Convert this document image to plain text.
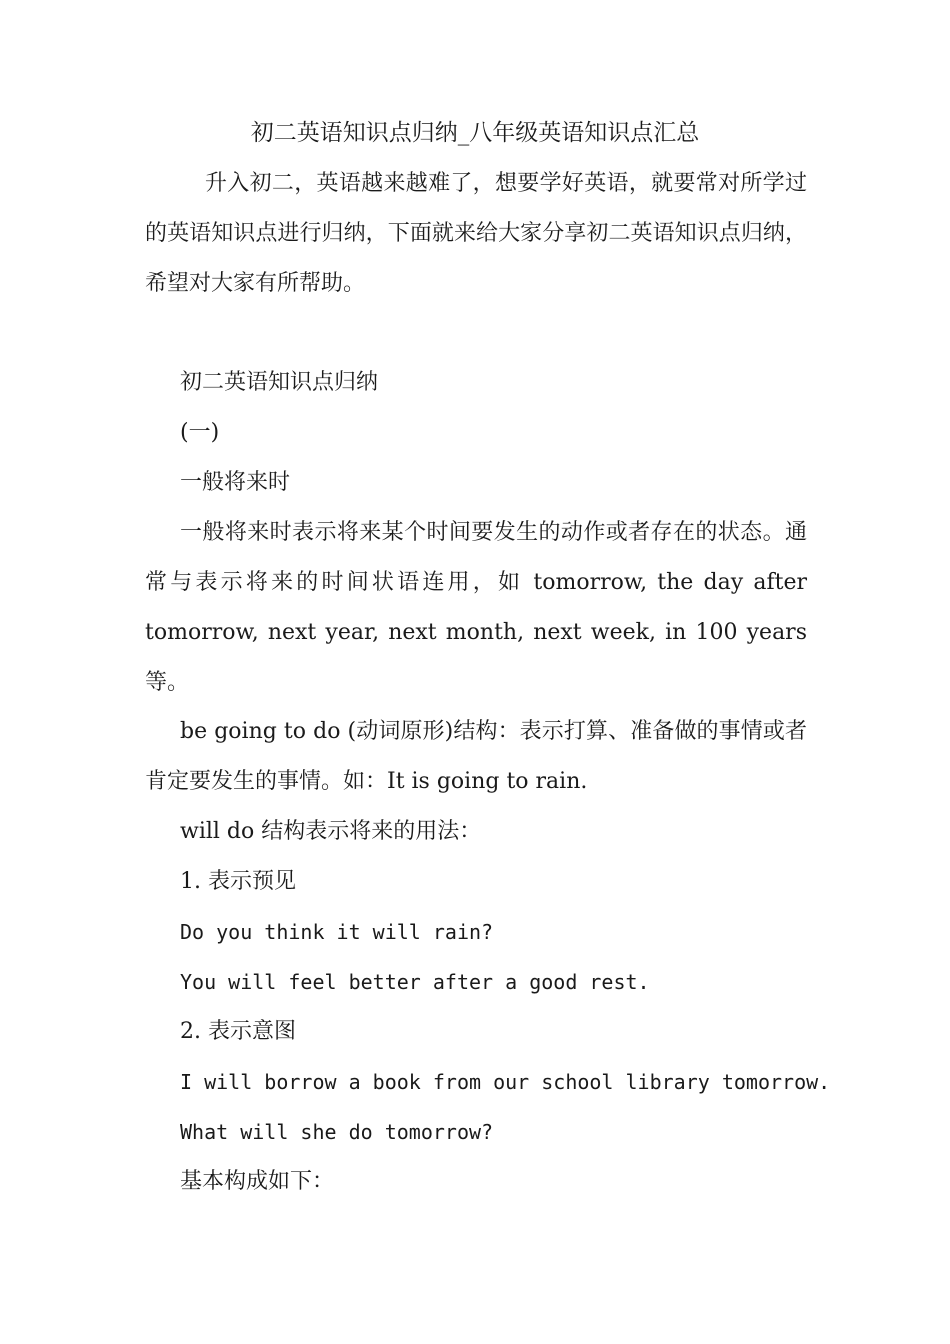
初二英语知识点归纳_八年级英语知识点汇总

升入初二，英语越来越难了，想要学好英语，就要常对所学过的英语知识点进行归纳，下面就来给大家分享初二英语知识点归纳，希望对大家有所帮助。

初二英语知识点归纳

(一)

一般将来时

一般将来时表示将来某个时间要发生的动作或者存在的状态。通常与表示将来的时间状语连用，如 tomorrow, the day after tomorrow, next year, next month, next week, in 100 years 等。

be going to do (动词原形)结构：表示打算、准备做的事情或者肯定要发生的事情。如：It is going to rain.

will do 结构表示将来的用法：

1. 表示预见

Do you think it will rain?

You will feel better after a good rest.

2. 表示意图

I will borrow a book from our school library tomorrow.

What will she do tomorrow?

基本构成如下：
